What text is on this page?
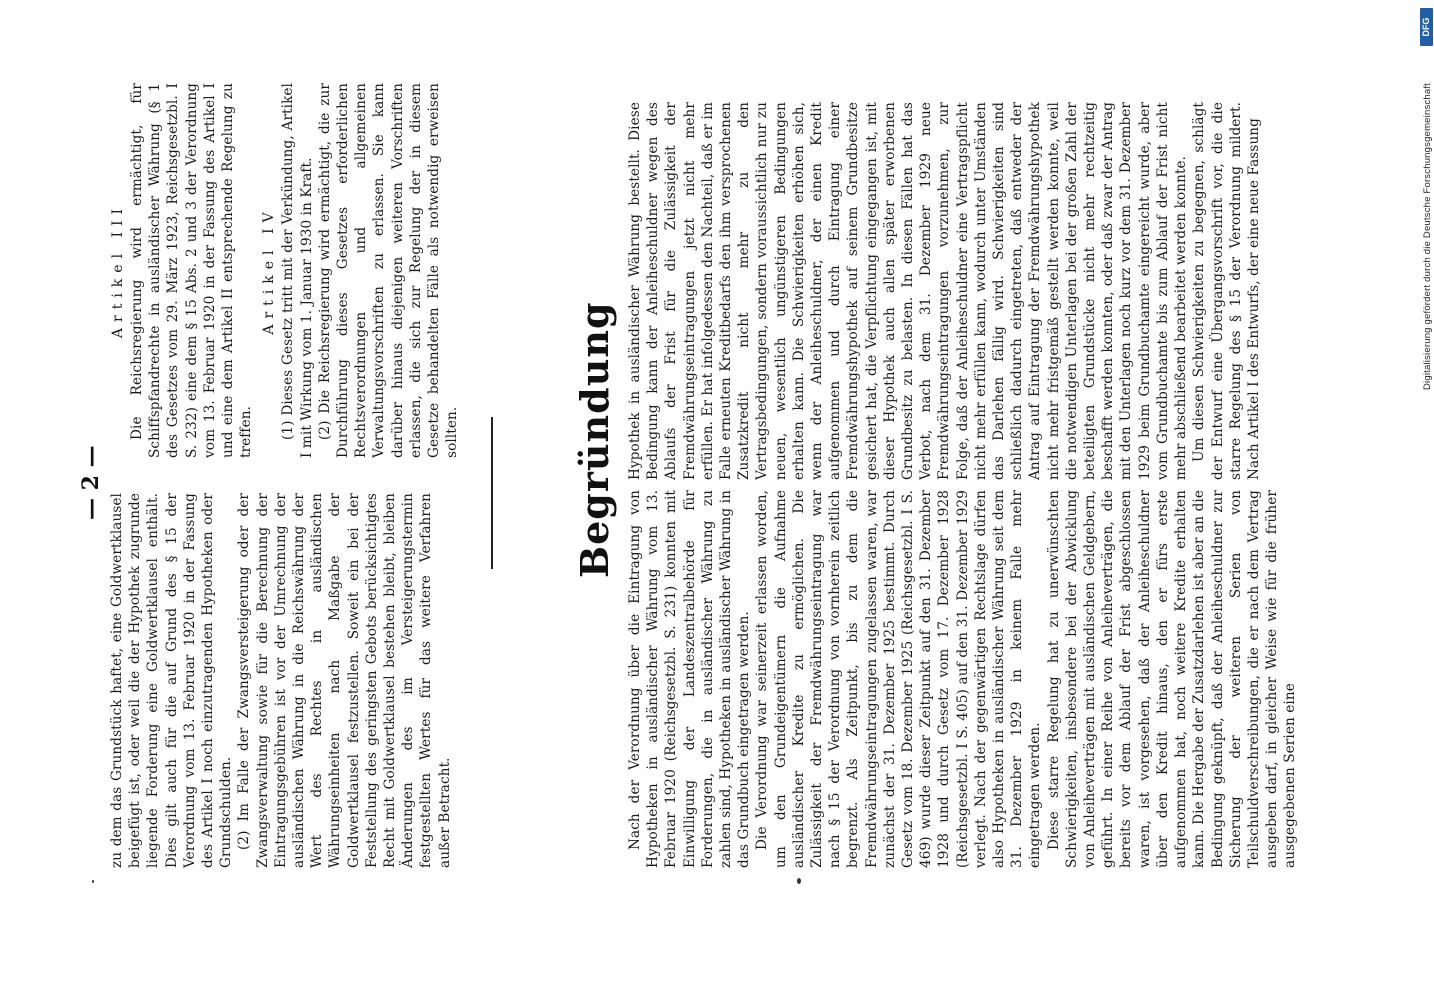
— 2 —

zu dem das Grundstück haftet, eine Goldwertklausel beigefügt ist, oder weil die der Hypothek zugrunde liegende Forderung eine Goldwertklausel enthält. Dies gilt auch für die auf Grund des § 15 der Verordnung vom 13. Februar 1920 in der Fassung des Artikel I noch einzutragenden Hypotheken oder Grundschulden. (2) Im Falle der Zwangsversteigerung oder der Zwangsverwaltung sowie für die Berechnung der Eintragungsgebühren ist vor der Umrechnung der ausländischen Währung in die Reichswährung der Wert des Rechtes in ausländischen Währungseinheiten nach Maßgabe der Goldwertklausel festzustellen. Soweit ein bei der Feststellung des geringsten Gebots berücksichtigtes Recht mit Goldwertklausel bestehen bleibt, bleiben Änderungen des im Versteigerungstermin festgestellten Wertes für das weitere Verfahren außer Betracht.

Artikel III Die Reichsregierung wird ermächtigt, für Schiffspfandrechte in ausländischer Währung (§ 1 des Gesetzes vom 29. März 1923, Reichsgesetzbl. I S. 232) eine dem § 15 Abs. 2 und 3 der Verordnung vom 13. Februar 1920 in der Fassung des Artikel I und eine dem Artikel II entsprechende Regelung zu treffen.

Artikel IV (1) Dieses Gesetz tritt mit der Verkündung, Artikel I mit Wirkung vom 1. Januar 1930 in Kraft. (2) Die Reichsregierung wird ermächtigt, die zur Durchführung dieses Gesetzes erforderlichen Rechtsverordnungen und allgemeinen Verwaltungsvorschriften zu erlassen. Sie kann darüber hinaus diejenigen weiteren Vorschriften erlassen, die sich zur Regelung der in diesem Gesetze behandelten Fälle als notwendig erweisen sollten.	Begründung

Nach der Verordnung über die Eintragung von Hypotheken in ausländischer Währung vom 13. Februar 1920 (Reichsgesetzbl. S. 231) konnten mit Einwilligung der Landeszentralbehörde für Forderungen, die in ausländischer Währung zu zahlen sind, Hypotheken in ausländischer Währung in das Grundbuch eingetragen werden. Die Verordnung war seinerzeit erlassen worden, um den Grundeigentümern die Aufnahme ausländischer Kredite zu ermöglichen. Die Zulässigkeit der Fremdwährungseintragung war nach § 15 der Verordnung von vornherein zeitlich begrenzt. Als Zeitpunkt, bis zu dem die Fremdwährungseintragungen zugelassen waren, war zunächst der 31. Dezember 1925 bestimmt. Durch Gesetz vom 18. Dezember 1925 (Reichsgesetzbl. I S. 469) wurde dieser Zeitpunkt auf den 31. Dezember 1928 und durch Gesetz vom 17. Dezember 1928 (Reichsgesetzbl. I S. 405) auf den 31. Dezember 1929 verlegt. Nach der gegenwärtigen Rechtslage dürfen also Hypotheken in ausländischer Währung seit dem 31. Dezember 1929 in keinem Falle mehr eingetragen werden. Diese starre Regelung hat zu unerwünschten Schwierigkeiten, insbesondere bei der Abwicklung von Anleiheverträgen mit ausländischen Geldgebern, geführt. In einer Reihe von Anleiheverträgen, die bereits vor dem Ablauf der Frist abgeschlossen waren, ist vorgesehen, daß der Anleiheschuldner über den Kredit hinaus, den er fürs erste aufgenommen hat, noch weitere Kredite erhalten kann. Die Hergabe der Zusatzdarlehen ist aber an die Bedingung geknüpft, daß der Anleiheschuldner zur Sicherung der weiteren Serien von Teilschuldverschreibungen, die er nach dem Vertrag ausgeben darf, in gleicher Weise wie für die früher ausgegebenen Serien eine

Hypothek in ausländischer Währung bestellt. Diese Bedingung kann der Anleiheschuldner wegen des Ablaufs der Frist für die Zulässigkeit der Fremdwährungseintragungen jetzt nicht mehr erfüllen. Er hat infolgedessen den Nachteil, daß er im Falle erneuten Kreditbedarfs den ihm versprochenen Zusatzkredit nicht mehr zu den Vertragsbedingungen, sondern voraussichtlich nur zu neuen, wesentlich ungünstigeren Bedingungen erhalten kann. Die Schwierigkeiten erhöhen sich, wenn der Anleiheschuldner, der einen Kredit aufgenommen und durch Eintragung einer Fremdwährungshypothek auf seinem Grundbesitze gesichert hat, die Verpflichtung eingegangen ist, mit dieser Hypothek auch allen später erworbenen Grundbesitz zu belasten. In diesen Fällen hat das Verbot, nach dem 31. Dezember 1929 neue Fremdwährungseintragungen vorzunehmen, zur Folge, daß der Anleiheschuldner eine Vertragspflicht nicht mehr erfüllen kann, wodurch unter Umständen das Darlehen fällig wird. Schwierigkeiten sind schließlich dadurch eingetreten, daß entweder der Antrag auf Eintragung der Fremdwährungshypothek nicht mehr fristgemäß gestellt werden konnte, weil die notwendigen Unterlagen bei der großen Zahl der beteiligten Grundstücke nicht mehr rechtzeitig beschafft werden konnten, oder daß zwar der Antrag mit den Unterlagen noch kurz vor dem 31. Dezember 1929 beim Grundbuchamte eingereicht wurde, aber vom Grundbuchamte bis zum Ablauf der Frist nicht mehr abschließend bearbeitet werden konnte. Um diesen Schwierigkeiten zu begegnen, schlägt der Entwurf eine Übergangsvorschrift vor, die die starre Regelung des § 15 der Verordnung mildert. Nach Artikel I des Entwurfs, der eine neue Fassung	Digitalisierung gefördert durch die Deutsche Forschungsgemeinschaft
DFG
